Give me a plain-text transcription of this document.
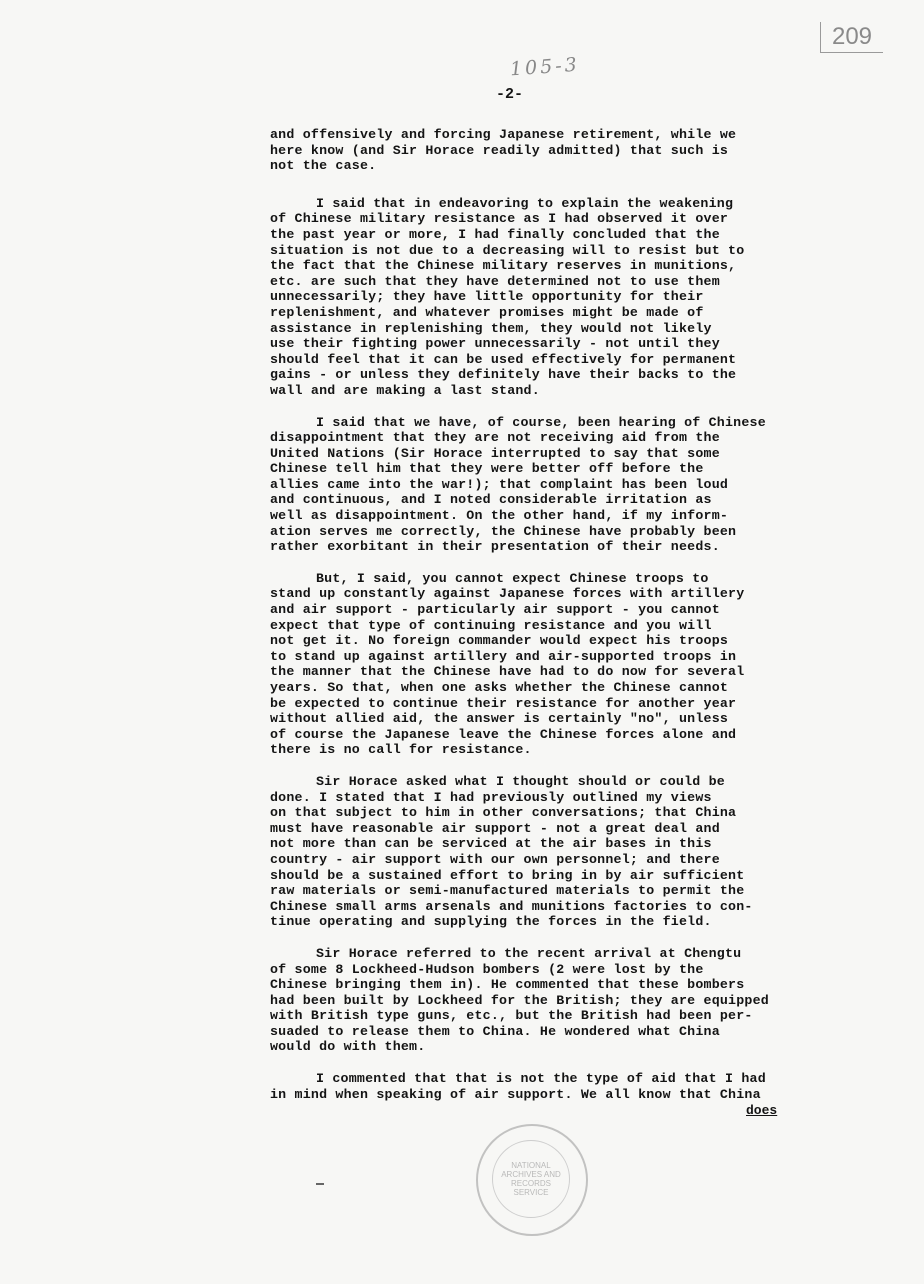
209
105-3
-2-
and offensively and forcing Japanese retirement, while we
here know (and Sir Horace readily admitted) that such is
not the case.
I said that in endeavoring to explain the weakening
of Chinese military resistance as I had observed it over
the past year or more, I had finally concluded that the
situation is not due to a decreasing will to resist but to
the fact that the Chinese military reserves in munitions,
etc. are such that they have determined not to use them
unnecessarily; they have little opportunity for their
replenishment, and whatever promises might be made of
assistance in replenishing them, they would not likely
use their fighting power unnecessarily - not until they
should feel that it can be used effectively for permanent
gains - or unless they definitely have their backs to the
wall and are making a last stand.
I said that we have, of course, been hearing of Chinese
disappointment that they are not receiving aid from the
United Nations (Sir Horace interrupted to say that some
Chinese tell him that they were better off before the
allies came into the war!); that complaint has been loud
and continuous, and I noted considerable irritation as
well as disappointment. On the other hand, if my inform-
ation serves me correctly, the Chinese have probably been
rather exorbitant in their presentation of their needs.
But, I said, you cannot expect Chinese troops to
stand up constantly against Japanese forces with artillery
and air support - particularly air support - you cannot
expect that type of continuing resistance and you will
not get it. No foreign commander would expect his troops
to stand up against artillery and air-supported troops in
the manner that the Chinese have had to do now for several
years. So that, when one asks whether the Chinese cannot
be expected to continue their resistance for another year
without allied aid, the answer is certainly "no", unless
of course the Japanese leave the Chinese forces alone and
there is no call for resistance.
Sir Horace asked what I thought should or could be
done. I stated that I had previously outlined my views
on that subject to him in other conversations; that China
must have reasonable air support - not a great deal and
not more than can be serviced at the air bases in this
country - air support with our own personnel; and there
should be a sustained effort to bring in by air sufficient
raw materials or semi-manufactured materials to permit the
Chinese small arms arsenals and munitions factories to con-
tinue operating and supplying the forces in the field.
Sir Horace referred to the recent arrival at Chengtu
of some 8 Lockheed-Hudson bombers (2 were lost by the
Chinese bringing them in). He commented that these bombers
had been built by Lockheed for the British; they are equipped
with British type guns, etc., but the British had been per-
suaded to release them to China. He wondered what China
would do with them.
I commented that that is not the type of aid that I had
in mind when speaking of air support. We all know that China
does
NATIONAL
ARCHIVES AND
RECORDS
SERVICE
